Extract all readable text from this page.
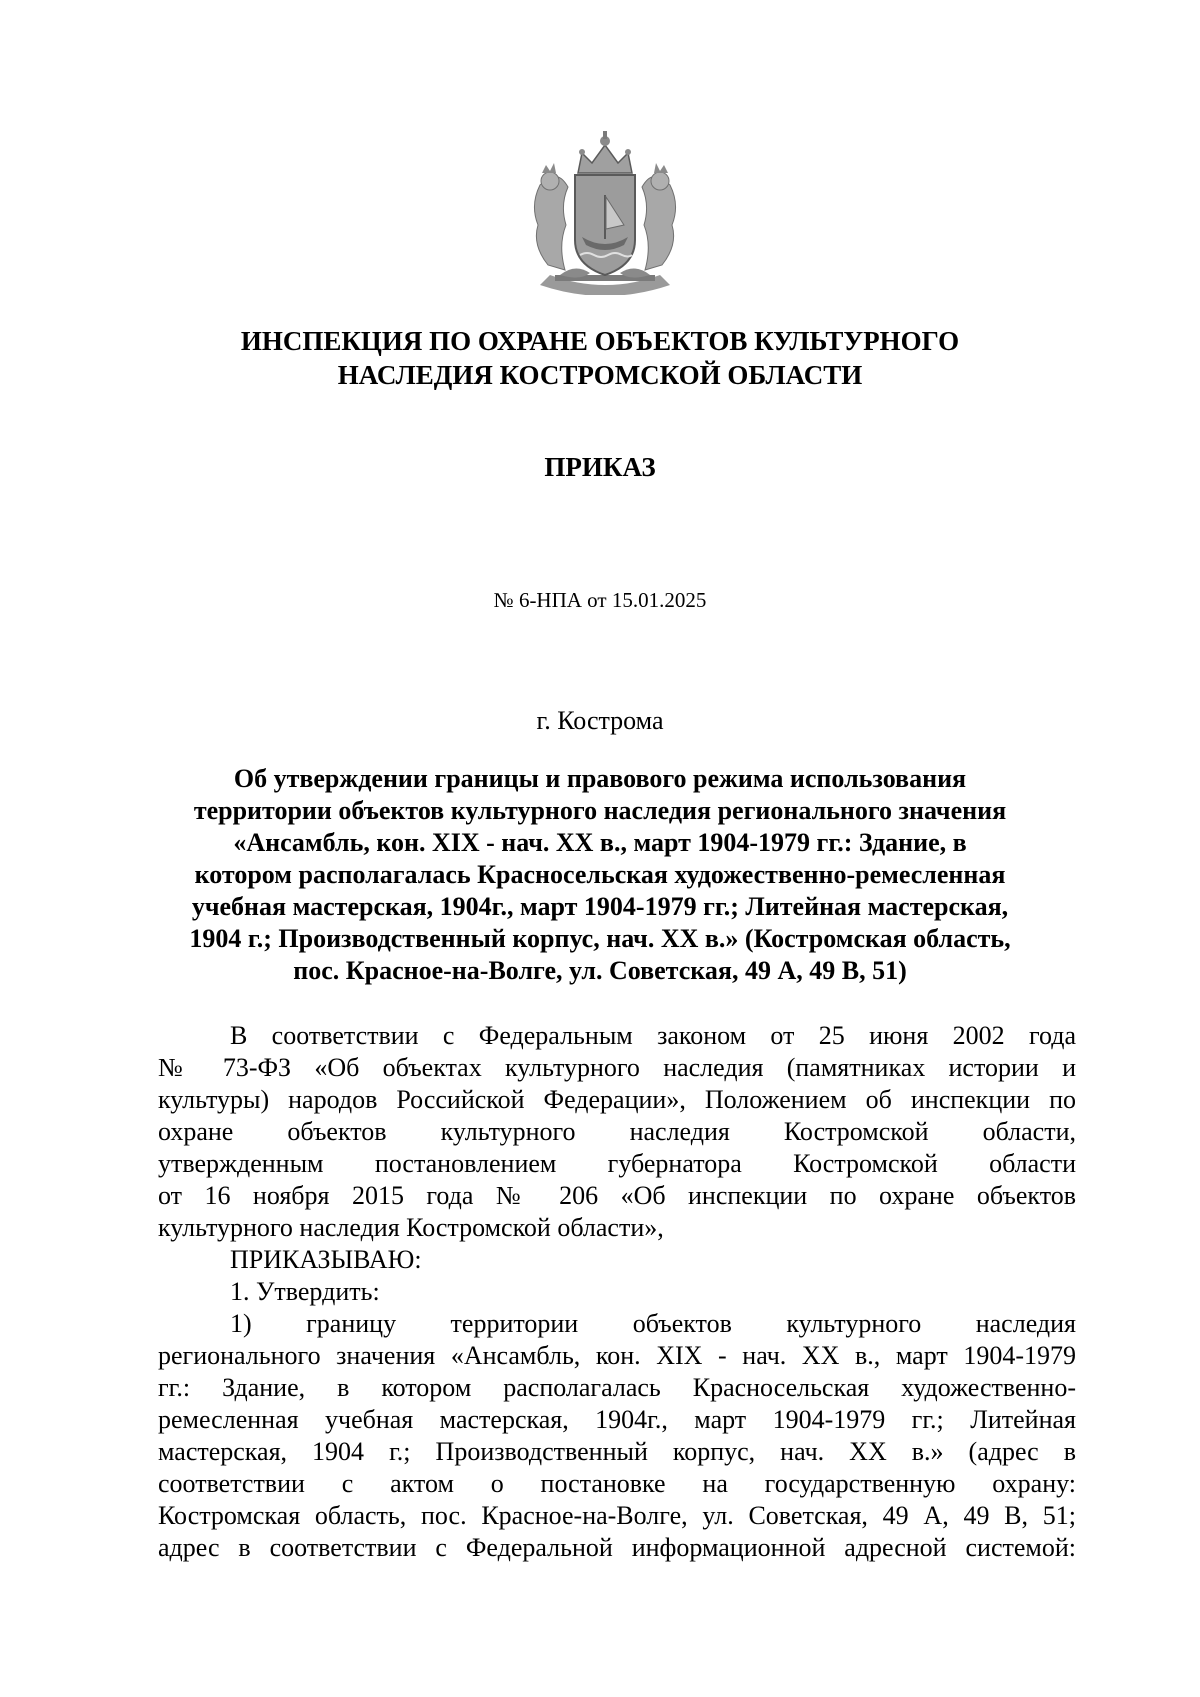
ИНСПЕКЦИЯ ПО ОХРАНЕ ОБЪЕКТОВ КУЛЬТУРНОГО
НАСЛЕДИЯ КОСТРОМСКОЙ ОБЛАСТИ
ПРИКАЗ

№ 6-НПА от 15.01.2025

г. Кострома

Об утверждении границы и правового режима использования
территории объектов культурного наследия регионального значения
«Ансамбль, кон. XIX - нач. XX в., март 1904-1979 гг.: Здание, в
котором располагалась Красносельская художественно-ремесленная
учебная мастерская, 1904г., март 1904-1979 гг.; Литейная мастерская,
1904 г.; Производственный корпус, нач. XX в.» (Костромская область,
пос. Красное-на-Волге, ул. Советская, 49 А, 49 В, 51)
В соответствии с Федеральным законом от 25 июня 2002 года
№ 73-ФЗ «Об объектах культурного наследия (памятниках истории и
культуры) народов Российской Федерации», Положением об инспекции по
охране объектов культурного наследия Костромской области,
утвержденным постановлением губернатора Костромской области
от 16 ноября 2015 года № 206 «Об инспекции по охране объектов
культурного наследия Костромской области»,
ПРИКАЗЫВАЮ:
1. Утвердить:
1) границу территории объектов культурного наследия
регионального значения «Ансамбль, кон. XIX - нач. XX в., март 1904-1979
гг.: Здание, в котором располагалась Красносельская художественно-
ремесленная учебная мастерская, 1904г., март 1904-1979 гг.; Литейная
мастерская, 1904 г.; Производственный корпус, нач. XX в.» (адрес в
соответствии с актом о постановке на государственную охрану:
Костромская область, пос. Красное-на-Волге, ул. Советская, 49 А, 49 В, 51;
адрес в соответствии с Федеральной информационной адресной системой:
